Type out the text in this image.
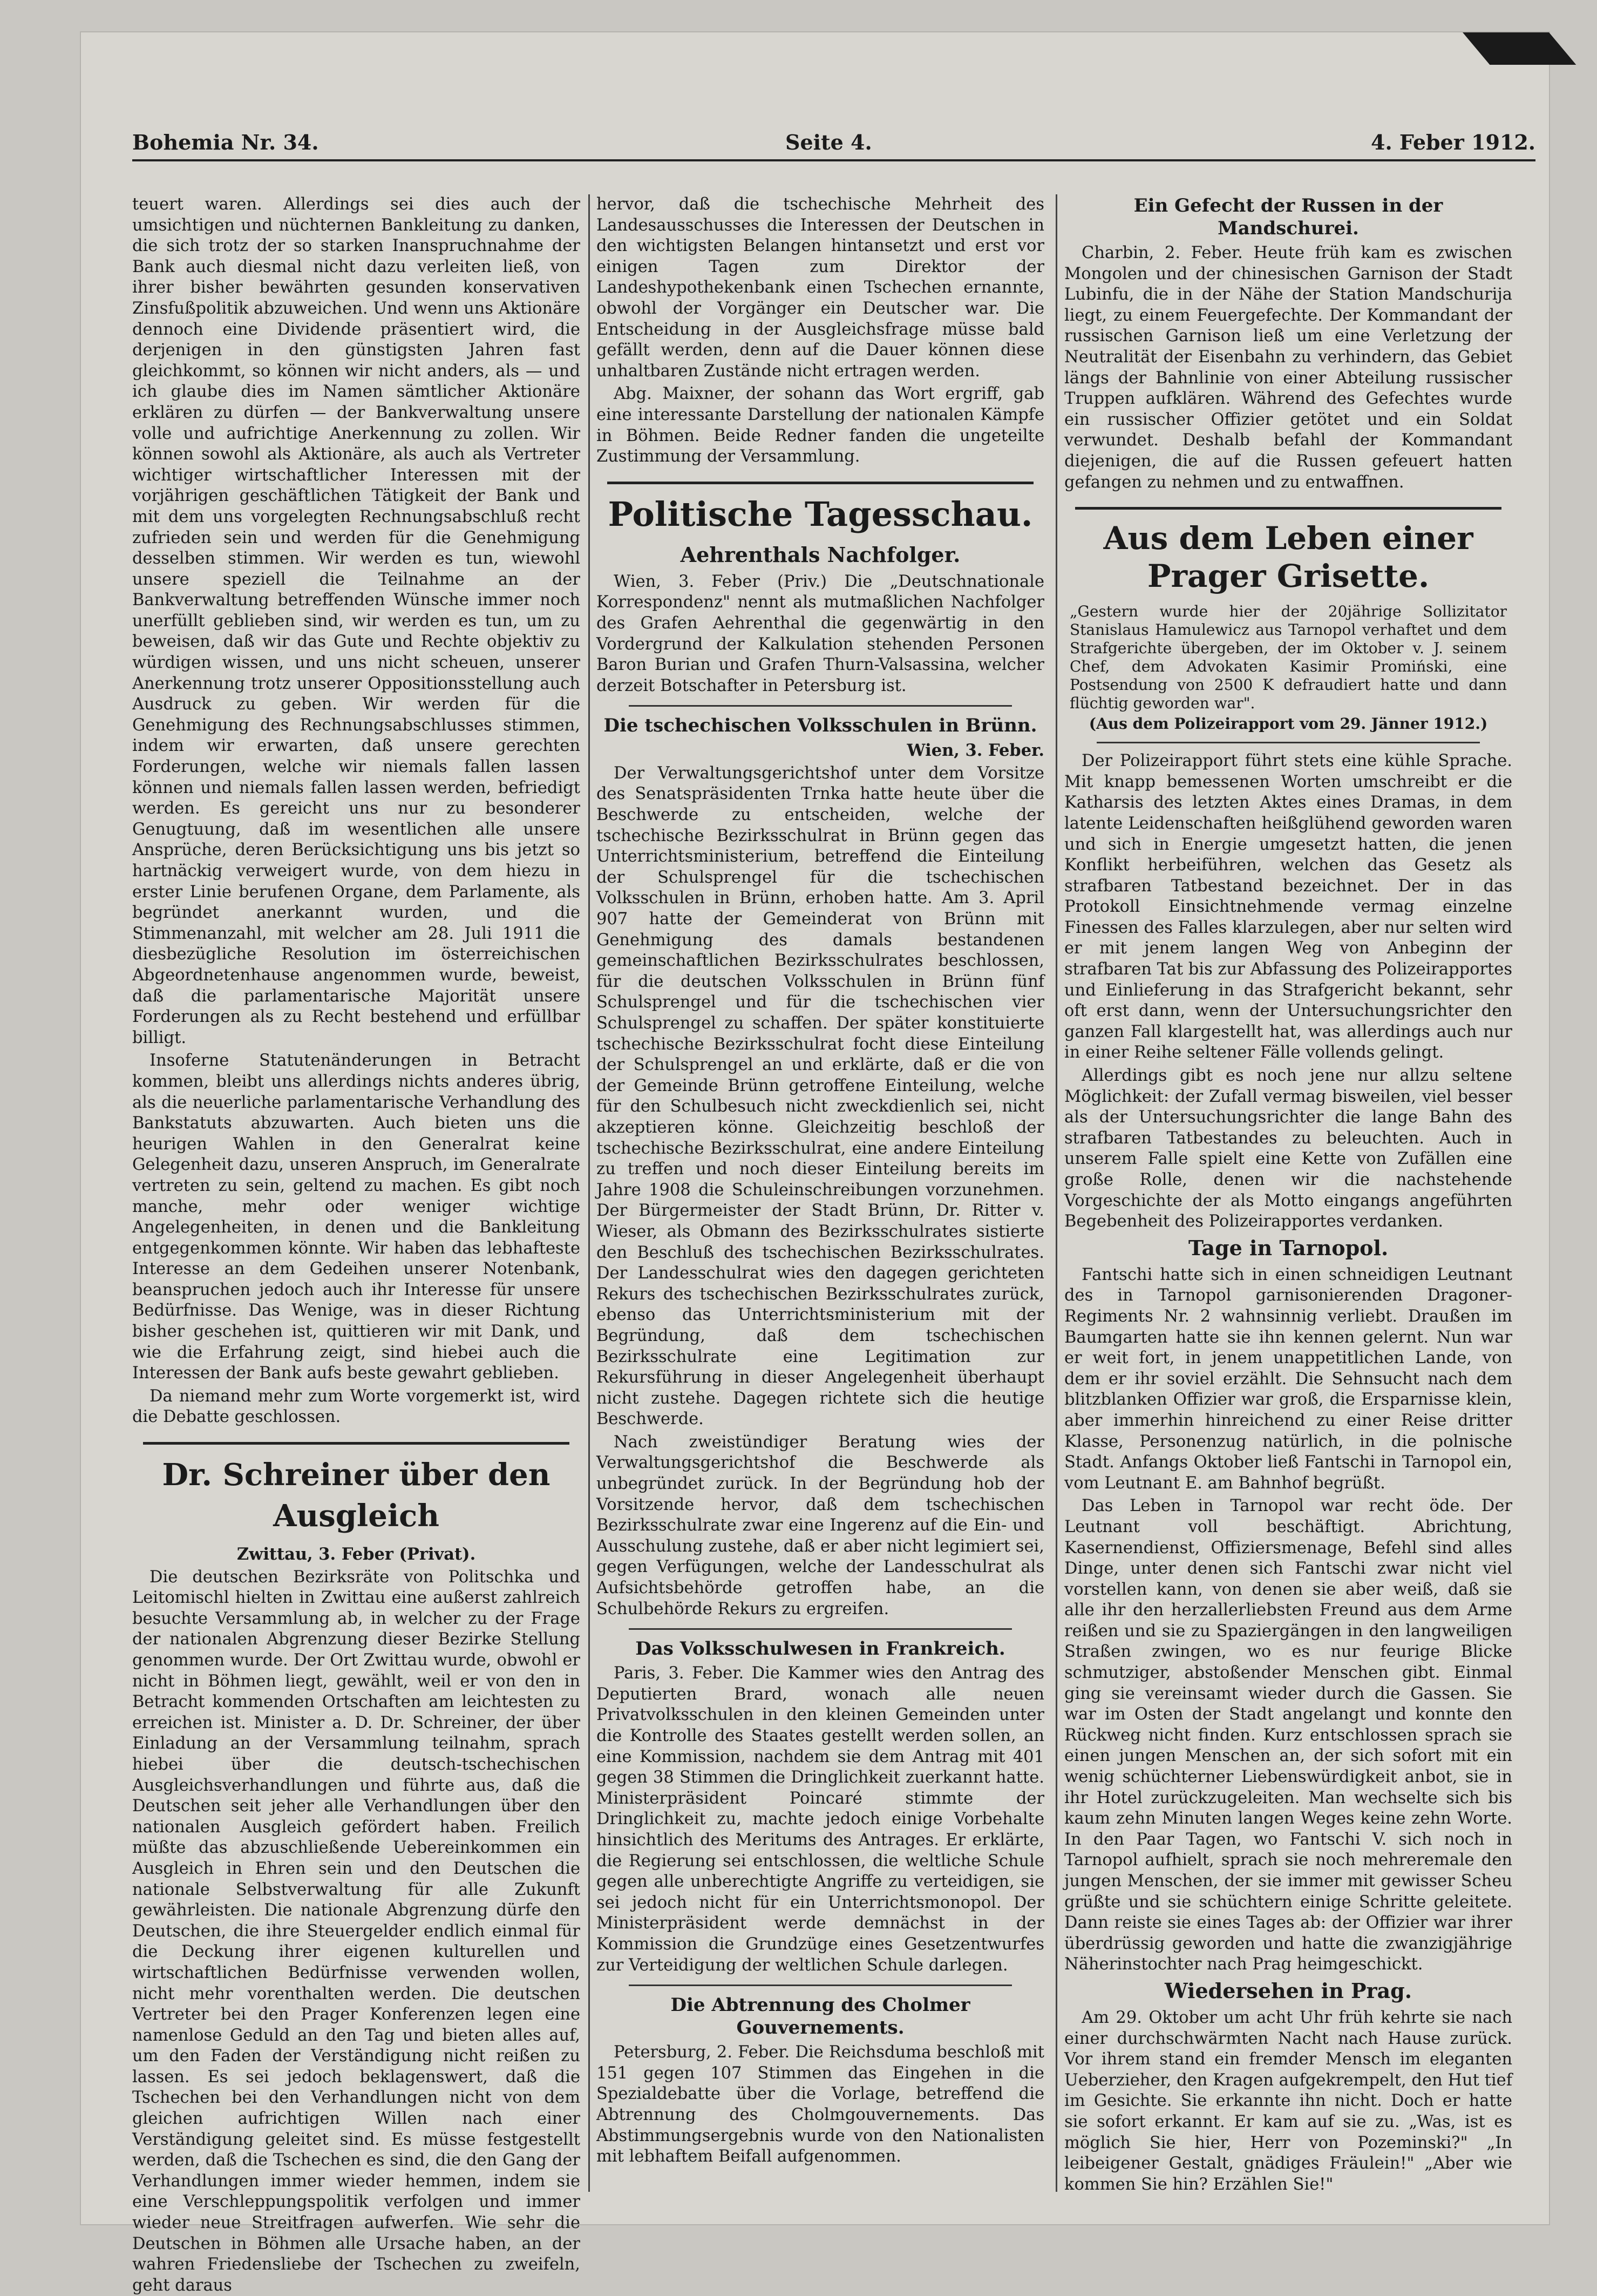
Bohemia Nr. 34.	Seite 4.	4. Feber 1912.

teuert waren. Allerdings sei dies auch der umsichtigen und nüchternen Bankleitung zu danken, die sich trotz der so starken Inanspruchnahme der Bank auch diesmal nicht dazu verleiten ließ, von ihrer bisher bewährten gesunden konservativen Zinsfußpolitik abzuweichen. Und wenn uns Aktionäre dennoch eine Dividende präsentiert wird, die derjenigen in den günstigsten Jahren fast gleichkommt, so können wir nicht anders, als — und ich glaube dies im Namen sämtlicher Aktionäre erklären zu dürfen — der Bankverwaltung unsere volle und aufrichtige Anerkennung zu zollen. Wir können sowohl als Aktionäre, als auch als Vertreter wichtiger wirtschaftlicher Interessen mit der vorjährigen geschäftlichen Tätigkeit der Bank und mit dem uns vorgelegten Rechnungsabschluß recht zufrieden sein und werden für die Genehmigung desselben stimmen. Wir werden es tun, wiewohl unsere speziell die Teilnahme an der Bankverwaltung betreffenden Wünsche immer noch unerfüllt geblieben sind, wir werden es tun, um zu beweisen, daß wir das Gute und Rechte objektiv zu würdigen wissen, und uns nicht scheuen, unserer Anerkennung trotz unserer Oppositionsstellung auch Ausdruck zu geben. Wir werden für die Genehmigung des Rechnungsabschlusses stimmen, indem wir erwarten, daß unsere gerechten Forderungen, welche wir niemals fallen lassen können und niemals fallen lassen werden, befriedigt werden. Es gereicht uns nur zu besonderer Genugtuung, daß im wesentlichen alle unsere Ansprüche, deren Berücksichtigung uns bis jetzt so hartnäckig verweigert wurde, von dem hiezu in erster Linie berufenen Organe, dem Parlamente, als begründet anerkannt wurden, und die Stimmenanzahl, mit welcher am 28. Juli 1911 die diesbezügliche Resolution im österreichischen Abgeordnetenhause angenommen wurde, beweist, daß die parlamentarische Majorität unsere Forderungen als zu Recht bestehend und erfüllbar billigt.

Insoferne Statutenänderungen in Betracht kommen, bleibt uns allerdings nichts anderes übrig, als die neuerliche parlamentarische Verhandlung des Bankstatuts abzuwarten. Auch bieten uns die heurigen Wahlen in den Generalrat keine Gelegenheit dazu, unseren Anspruch, im Generalrate vertreten zu sein, geltend zu machen. Es gibt noch manche, mehr oder weniger wichtige Angelegenheiten, in denen und die Bankleitung entgegenkommen könnte. Wir haben das lebhafteste Interesse an dem Gedeihen unserer Notenbank, beanspruchen jedoch auch ihr Interesse für unsere Bedürfnisse. Das Wenige, was in dieser Richtung bisher geschehen ist, quittieren wir mit Dank, und wie die Erfahrung zeigt, sind hiebei auch die Interessen der Bank aufs beste gewahrt geblieben.

Da niemand mehr zum Worte vorgemerkt ist, wird die Debatte geschlossen.

Dr. Schreiner über den Ausgleich
Zwittau, 3. Feber (Privat).

Die deutschen Bezirksräte von Politschka und Leitomischl hielten in Zwittau eine außerst zahlreich besuchte Versammlung ab, in welcher zu der Frage der nationalen Abgrenzung dieser Bezirke Stellung genommen wurde. Der Ort Zwittau wurde, obwohl er nicht in Böhmen liegt, gewählt, weil er von den in Betracht kommenden Ortschaften am leichtesten zu erreichen ist. Minister a. D. Dr. Schreiner, der über Einladung an der Versammlung teilnahm, sprach hiebei über die deutsch-tschechischen Ausgleichsverhandlungen und führte aus, daß die Deutschen seit jeher alle Verhandlungen über den nationalen Ausgleich gefördert haben. Freilich müßte das abzuschließende Uebereinkommen ein Ausgleich in Ehren sein und den Deutschen die nationale Selbstverwaltung für alle Zukunft gewährleisten. Die nationale Abgrenzung dürfe den Deutschen, die ihre Steuergelder endlich einmal für die Deckung ihrer eigenen kulturellen und wirtschaftlichen Bedürfnisse verwenden wollen, nicht mehr vorenthalten werden. Die deutschen Vertreter bei den Prager Konferenzen legen eine namenlose Geduld an den Tag und bieten alles auf, um den Faden der Verständigung nicht reißen zu lassen. Es sei jedoch beklagenswert, daß die Tschechen bei den Verhandlungen nicht von dem gleichen aufrichtigen Willen nach einer Verständigung geleitet sind. Es müsse festgestellt werden, daß die Tschechen es sind, die den Gang der Verhandlungen immer wieder hemmen, indem sie eine Verschleppungspolitik verfolgen und immer wieder neue Streitfragen aufwerfen. Wie sehr die Deutschen in Böhmen alle Ursache haben, an der wahren Friedensliebe der Tschechen zu zweifeln, geht daraus

hervor, daß die tschechische Mehrheit des Landesausschusses die Interessen der Deutschen in den wichtigsten Belangen hintansetzt und erst vor einigen Tagen zum Direktor der Landeshypothekenbank einen Tschechen ernannte, obwohl der Vorgänger ein Deutscher war. Die Entscheidung in der Ausgleichsfrage müsse bald gefällt werden, denn auf die Dauer können diese unhaltbaren Zustände nicht ertragen werden.

Abg. Maixner, der sohann das Wort ergriff, gab eine interessante Darstellung der nationalen Kämpfe in Böhmen. Beide Redner fanden die ungeteilte Zustimmung der Versammlung.

Politische Tagesschau.
Aehrenthals Nachfolger.

Wien, 3. Feber (Priv.) Die „Deutschnationale Korrespondenz" nennt als mutmaßlichen Nachfolger des Grafen Aehrenthal die gegenwärtig in den Vordergrund der Kalkulation stehenden Personen Baron Burian und Grafen Thurn-Valsassina, welcher derzeit Botschafter in Petersburg ist.

Die tschechischen Volksschulen in Brünn.
Wien, 3. Feber.

Der Verwaltungsgerichtshof unter dem Vorsitze des Senatspräsidenten Trnka hatte heute über die Beschwerde zu entscheiden, welche der tschechische Bezirksschulrat in Brünn gegen das Unterrichtsministerium, betreffend die Einteilung der Schulsprengel für die tschechischen Volksschulen in Brünn, erhoben hatte. Am 3. April 907 hatte der Gemeinderat von Brünn mit Genehmigung des damals bestandenen gemeinschaftlichen Bezirksschulrates beschlossen, für die deutschen Volksschulen in Brünn fünf Schulsprengel und für die tschechischen vier Schulsprengel zu schaffen. Der später konstituierte tschechische Bezirksschulrat focht diese Einteilung der Schulsprengel an und erklärte, daß er die von der Gemeinde Brünn getroffene Einteilung, welche für den Schulbesuch nicht zweckdienlich sei, nicht akzeptieren könne. Gleichzeitig beschloß der tschechische Bezirksschulrat, eine andere Einteilung zu treffen und noch dieser Einteilung bereits im Jahre 1908 die Schuleinschreibungen vorzunehmen. Der Bürgermeister der Stadt Brünn, Dr. Ritter v. Wieser, als Obmann des Bezirksschulrates sistierte den Beschluß des tschechischen Bezirksschulrates. Der Landesschulrat wies den dagegen gerichteten Rekurs des tschechischen Bezirksschulrates zurück, ebenso das Unterrichtsministerium mit der Begründung, daß dem tschechischen Bezirksschulrate eine Legitimation zur Rekursführung in dieser Angelegenheit überhaupt nicht zustehe. Dagegen richtete sich die heutige Beschwerde.

Nach zweistündiger Beratung wies der Verwaltungsgerichtshof die Beschwerde als unbegründet zurück. In der Begründung hob der Vorsitzende hervor, daß dem tschechischen Bezirksschulrate zwar eine Ingerenz auf die Ein- und Ausschulung zustehe, daß er aber nicht legimiert sei, gegen Verfügungen, welche der Landesschulrat als Aufsichtsbehörde getroffen habe, an die Schulbehörde Rekurs zu ergreifen.

Das Volksschulwesen in Frankreich.

Paris, 3. Feber. Die Kammer wies den Antrag des Deputierten Brard, wonach alle neuen Privatvolksschulen in den kleinen Gemeinden unter die Kontrolle des Staates gestellt werden sollen, an eine Kommission, nachdem sie dem Antrag mit 401 gegen 38 Stimmen die Dringlichkeit zuerkannt hatte. Ministerpräsident Poincaré stimmte der Dringlichkeit zu, machte jedoch einige Vorbehalte hinsichtlich des Meritums des Antrages. Er erklärte, die Regierung sei entschlossen, die weltliche Schule gegen alle unberechtigte Angriffe zu verteidigen, sie sei jedoch nicht für ein Unterrichtsmonopol. Der Ministerpräsident werde demnächst in der Kommission die Grundzüge eines Gesetzentwurfes zur Verteidigung der weltlichen Schule darlegen.

Die Abtrennung des Cholmer Gouvernements.

Petersburg, 2. Feber. Die Reichsduma beschloß mit 151 gegen 107 Stimmen das Eingehen in die Spezialdebatte über die Vorlage, betreffend die Abtrennung des Cholmgouvernements. Das Abstimmungsergebnis wurde von den Nationalisten mit lebhaftem Beifall aufgenommen.

Ein Gefecht der Russen in der Mandschurei.

Charbin, 2. Feber. Heute früh kam es zwischen Mongolen und der chinesischen Garnison der Stadt Lubinfu, die in der Nähe der Station Mandschurija liegt, zu einem Feuergefechte. Der Kommandant der russischen Garnison ließ um eine Verletzung der Neutralität der Eisenbahn zu verhindern, das Gebiet längs der Bahnlinie von einer Abteilung russischer Truppen aufklären. Während des Gefechtes wurde ein russischer Offizier getötet und ein Soldat verwundet. Deshalb befahl der Kommandant diejenigen, die auf die Russen gefeuert hatten gefangen zu nehmen und zu entwaffnen.

Aus dem Leben einer Prager Grisette.
„Gestern wurde hier der 20jährige Sollizitator Stanislaus Hamulewicz aus Tarnopol verhaftet und dem Strafgerichte übergeben, der im Oktober v. J. seinem Chef, dem Advokaten Kasimir Promiński, eine Postsendung von 2500 K defraudiert hatte und dann flüchtig geworden war".
(Aus dem Polizeirapport vom 29. Jänner 1912.)

Der Polizeirapport führt stets eine kühle Sprache. Mit knapp bemessenen Worten umschreibt er die Katharsis des letzten Aktes eines Dramas, in dem latente Leidenschaften heißglühend geworden waren und sich in Energie umgesetzt hatten, die jenen Konflikt herbeiführen, welchen das Gesetz als strafbaren Tatbestand bezeichnet. Der in das Protokoll Einsichtnehmende vermag einzelne Finessen des Falles klarzulegen, aber nur selten wird er mit jenem langen Weg von Anbeginn der strafbaren Tat bis zur Abfassung des Polizeirapportes und Einlieferung in das Strafgericht bekannt, sehr oft erst dann, wenn der Untersuchungsrichter den ganzen Fall klargestellt hat, was allerdings auch nur in einer Reihe seltener Fälle vollends gelingt.

Allerdings gibt es noch jene nur allzu seltene Möglichkeit: der Zufall vermag bisweilen, viel besser als der Untersuchungsrichter die lange Bahn des strafbaren Tatbestandes zu beleuchten. Auch in unserem Falle spielt eine Kette von Zufällen eine große Rolle, denen wir die nachstehende Vorgeschichte der als Motto eingangs angeführten Begebenheit des Polizeirapportes verdanken.

Tage in Tarnopol.

Fantschi hatte sich in einen schneidigen Leutnant des in Tarnopol garnisonierenden Dragoner-Regiments Nr. 2 wahnsinnig verliebt. Draußen im Baumgarten hatte sie ihn kennen gelernt. Nun war er weit fort, in jenem unappetitlichen Lande, von dem er ihr soviel erzählt. Die Sehnsucht nach dem blitzblanken Offizier war groß, die Ersparnisse klein, aber immerhin hinreichend zu einer Reise dritter Klasse, Personenzug natürlich, in die polnische Stadt. Anfangs Oktober ließ Fantschi in Tarnopol ein, vom Leutnant E. am Bahnhof begrüßt.

Das Leben in Tarnopol war recht öde. Der Leutnant voll beschäftigt. Abrichtung, Kasernendienst, Offiziersmenage, Befehl sind alles Dinge, unter denen sich Fantschi zwar nicht viel vorstellen kann, von denen sie aber weiß, daß sie alle ihr den herzallerliebsten Freund aus dem Arme reißen und sie zu Spaziergängen in den langweiligen Straßen zwingen, wo es nur feurige Blicke schmutziger, abstoßender Menschen gibt. Einmal ging sie vereinsamt wieder durch die Gassen. Sie war im Osten der Stadt angelangt und konnte den Rückweg nicht finden. Kurz entschlossen sprach sie einen jungen Menschen an, der sich sofort mit ein wenig schüchterner Liebenswürdigkeit anbot, sie in ihr Hotel zurückzugeleiten. Man wechselte sich bis kaum zehn Minuten langen Weges keine zehn Worte. In den Paar Tagen, wo Fantschi V. sich noch in Tarnopol aufhielt, sprach sie noch mehreremale den jungen Menschen, der sie immer mit gewisser Scheu grüßte und sie schüchtern einige Schritte geleitete. Dann reiste sie eines Tages ab: der Offizier war ihrer überdrüssig geworden und hatte die zwanzigjährige Näherinstochter nach Prag heimgeschickt.

Wiedersehen in Prag.

Am 29. Oktober um acht Uhr früh kehrte sie nach einer durchschwärmten Nacht nach Hause zurück. Vor ihrem stand ein fremder Mensch im eleganten Ueberzieher, den Kragen aufgekrempelt, den Hut tief im Gesichte. Sie erkannte ihn nicht. Doch er hatte sie sofort erkannt. Er kam auf sie zu. „Was, ist es möglich Sie hier, Herr von Pozeminski?" „In leibeigener Gestalt, gnädiges Fräulein!" „Aber wie kommen Sie hin? Erzählen Sie!"
